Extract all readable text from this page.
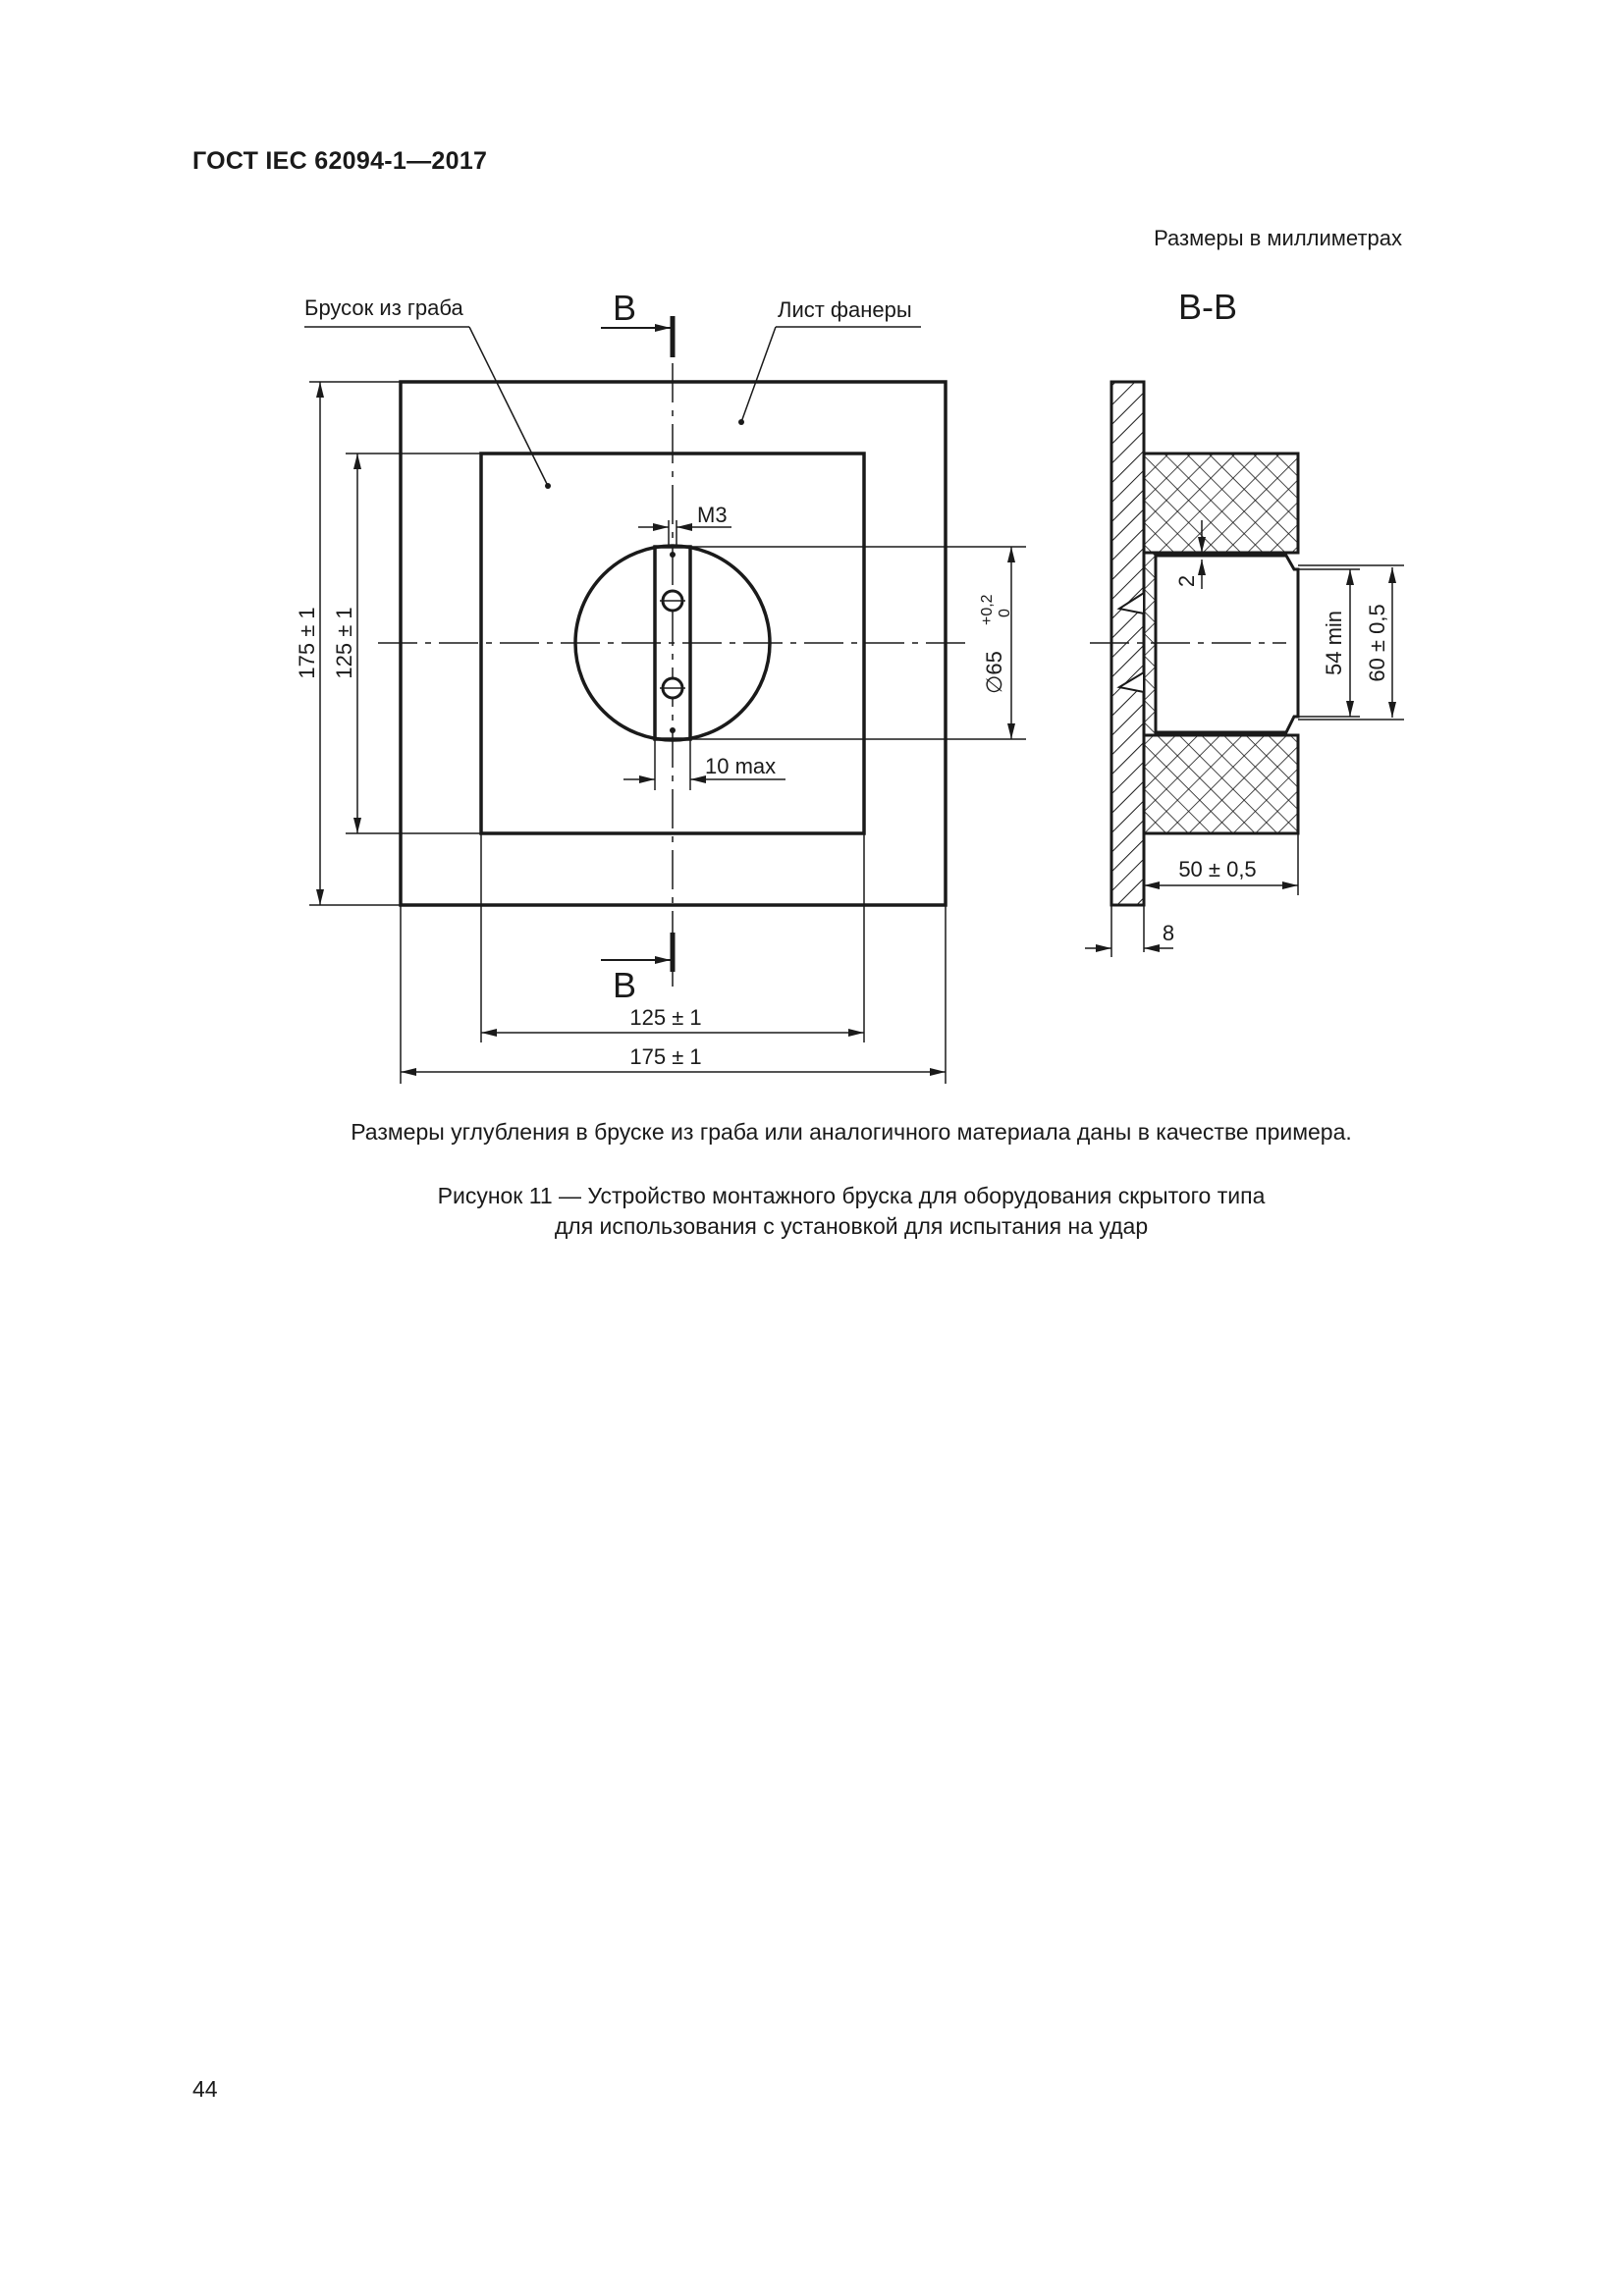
ГОСТ IEC 62094-1—2017
Размеры в миллиметрах
M3
10 max
∅65
+0,2 0
175 ± 1 125 ± 1
125 ± 1
175 ± 1
В
В
Брусок из граба	Лист фанеры	В-В
2
54 min 60 ± 0,5
50 ± 0,5
8
Размеры углубления в бруске из граба или аналогичного материала даны в качестве примера.
Рисунок 11 — Устройство монтажного бруска для оборудования скрытого типа
для использования с установкой для испытания на удар
44
